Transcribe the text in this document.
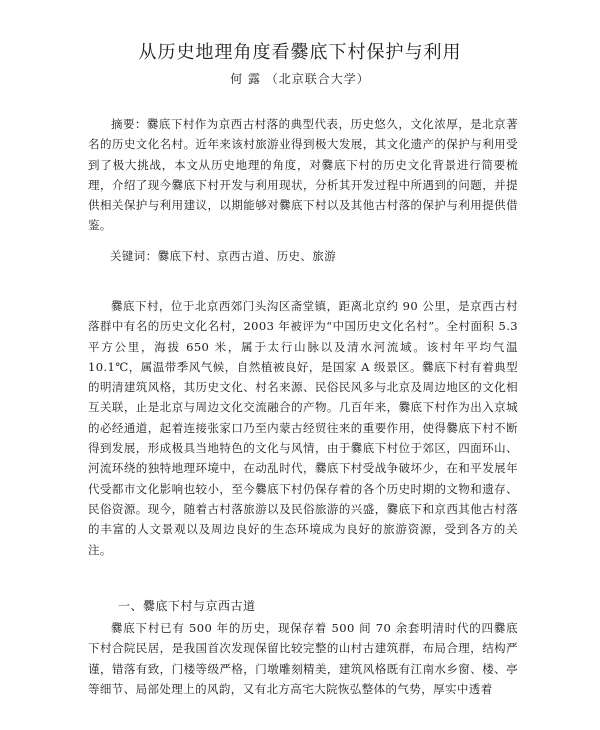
从历史地理角度看爨底下村保护与利用
何 露 （北京联合大学）
摘要：爨底下村作为京西古村落的典型代表，历史悠久，文化浓厚，是北京著名的历史文化名村。近年来该村旅游业得到极大发展，其文化遗产的保护与利用受到了极大挑战，本文从历史地理的角度，对爨底下村的历史文化背景进行简要梳理，介绍了现今爨底下村开发与利用现状，分析其开发过程中所遇到的问题，并提供相关保护与利用建议，以期能够对爨底下村以及其他古村落的保护与利用提供借鉴。
关键词：爨底下村、京西古道、历史、旅游
爨底下村，位于北京西郊门头沟区斋堂镇，距离北京约 90 公里，是京西古村落群中有名的历史文化名村，2003 年被评为“中国历史文化名村”。全村面积 5.3 平方公里，海拔 650 米，属于太行山脉以及清水河流域。该村年平均气温 10.1℃，属温带季风气候，自然植被良好，是国家 A 级景区。爨底下村有着典型的明清建筑风格，其历史文化、村名来源、民俗民风多与北京及周边地区的文化相互关联，止是北京与周边文化交流融合的产物。几百年来，爨底下村作为出入京城的必经通道，起着连接张家口乃至内蒙古经贸往来的重要作用，使得爨底下村不断得到发展，形成极具当地特色的文化与风情，由于爨底下村位于郊区，四面环山、河流环绕的独特地理环境中，在动乱时代，爨底下村受战争破坏少，在和平发展年代受都市文化影响也较小，至今爨底下村仍保存着的各个历史时期的文物和遗存、民俗资源。现今，随着古村落旅游以及民俗旅游的兴盛，爨底下和京西其他古村落的丰富的人文景观以及周边良好的生态环境成为良好的旅游资源，受到各方的关注。
一、爨底下村与京西古道
爨底下村已有 500 年的历史，现保存着 500 间 70 余套明清时代的四爨底下村合院民居，是我国首次发现保留比较完整的山村古建筑群，布局合理，结构严谨，错落有致，门楼等级严格，门墩雕刻精美，建筑风格既有江南水乡窗、楼、亭等细节、局部处理上的风韵，又有北方高宅大院恢弘整体的气势，厚实中透着
